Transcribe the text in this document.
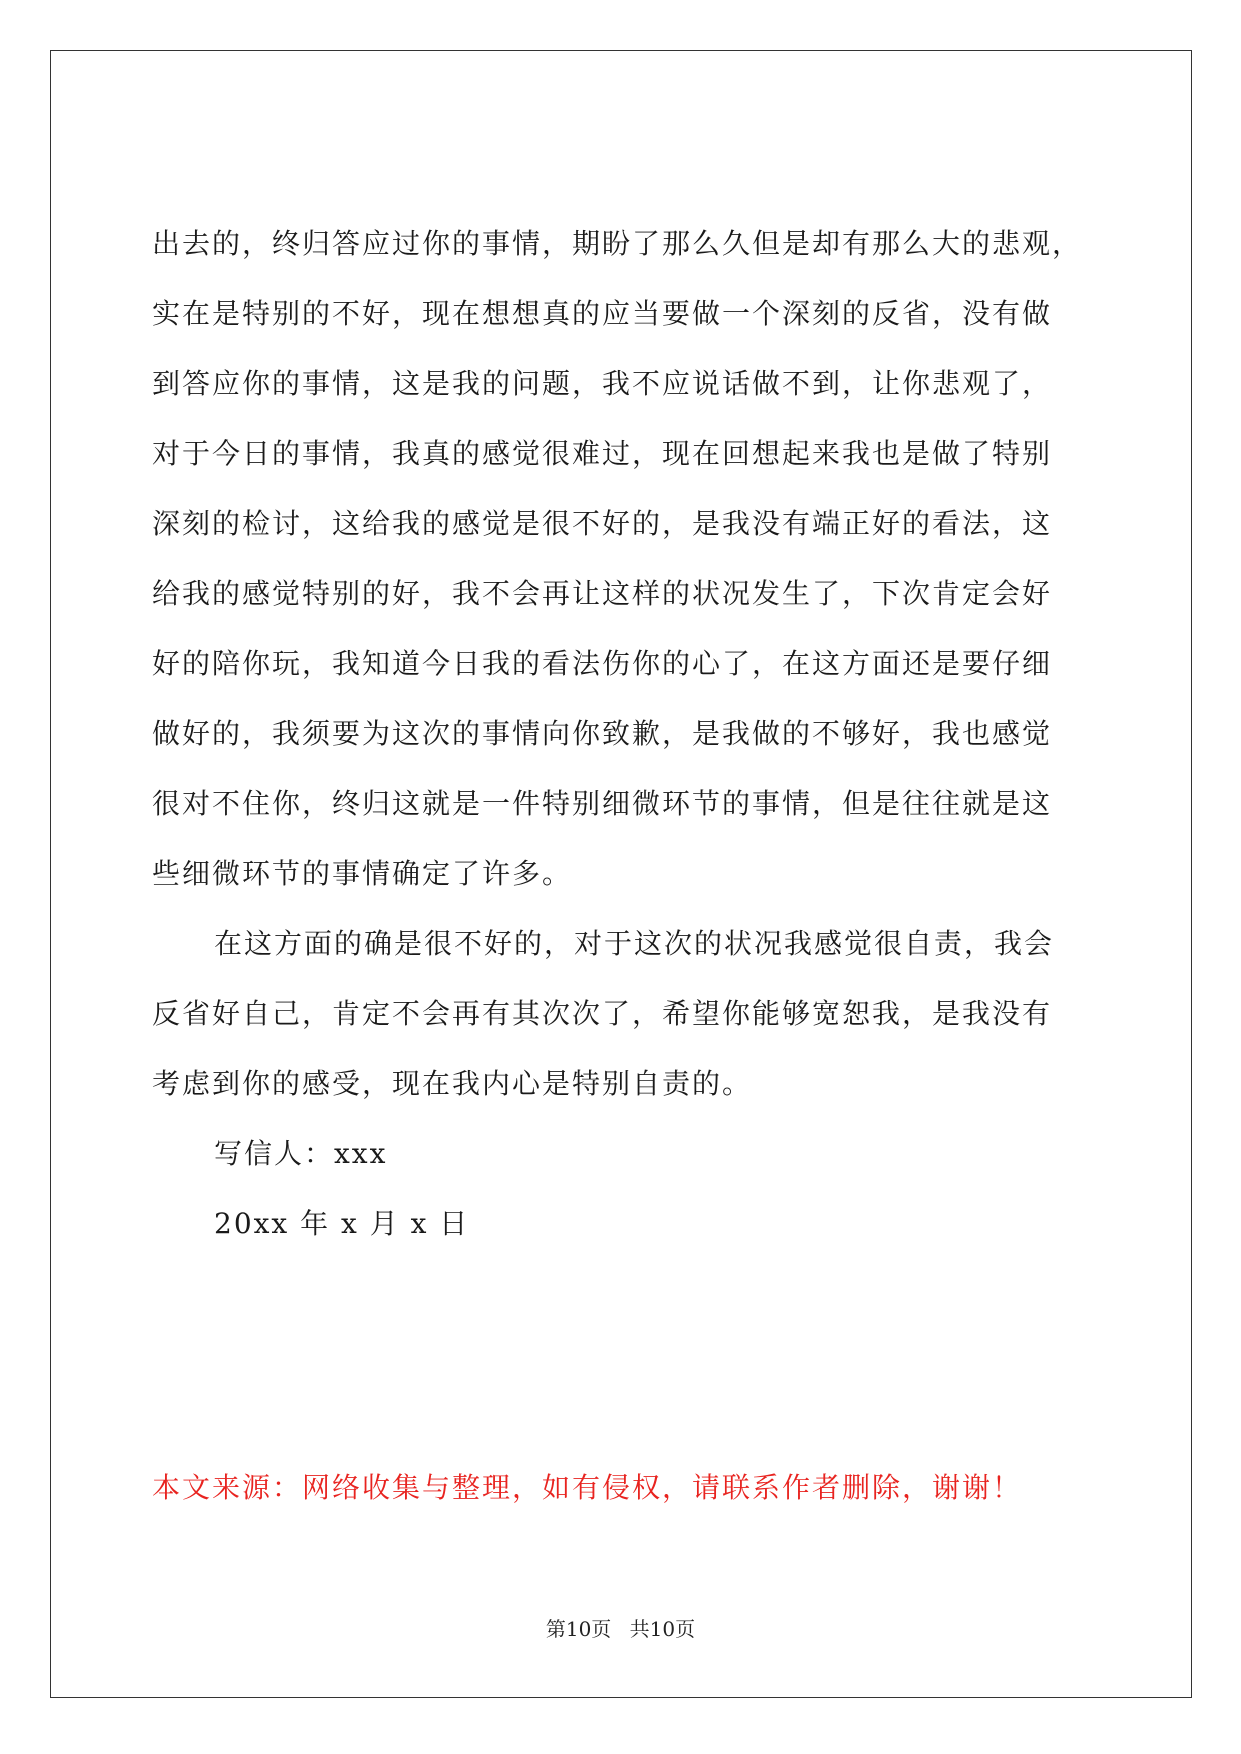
出去的，终归答应过你的事情，期盼了那么久但是却有那么大的悲观，
实在是特别的不好，现在想想真的应当要做一个深刻的反省，没有做
到答应你的事情，这是我的问题，我不应说话做不到，让你悲观了，
对于今日的事情，我真的感觉很难过，现在回想起来我也是做了特别
深刻的检讨，这给我的感觉是很不好的，是我没有端正好的看法，这
给我的感觉特别的好，我不会再让这样的状况发生了，下次肯定会好
好的陪你玩，我知道今日我的看法伤你的心了，在这方面还是要仔细
做好的，我须要为这次的事情向你致歉，是我做的不够好，我也感觉
很对不住你，终归这就是一件特别细微环节的事情，但是往往就是这
些细微环节的事情确定了许多。
在这方面的确是很不好的，对于这次的状况我感觉很自责，我会
反省好自己，肯定不会再有其次次了，希望你能够宽恕我，是我没有
考虑到你的感受，现在我内心是特别自责的。
写信人：xxx
20xx 年 x 月 x 日
本文来源：网络收集与整理，如有侵权，请联系作者删除，谢谢！
第10页 共10页
